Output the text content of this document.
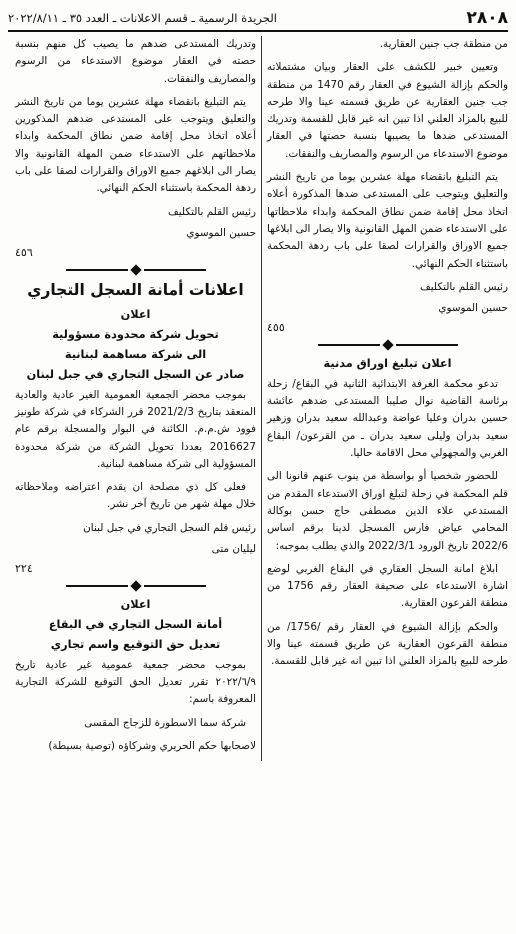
٢٨٠٨
الجريدة الرسمية ـ قسم الاعلانات ـ العدد ٣٥ ـ ٢٠٢٢/٨/١١

من منطقة جب جنين العقارية.

وتعيين خبير للكشف على العقار وبيان مشتملاته والحكم بإزالة الشيوع في العقار رقم 1470 من منطقة جب جنين العقارية عن طريق قسمته عينا والا طرحه للبيع بالمزاد العلني اذا تبين انه غير قابل للقسمة وتدريك المستدعى ضدها ما يصيبها بنسبة حصتها في العقار موضوع الاستدعاء من الرسوم والمصاريف والنفقات.

يتم التبليغ بانقضاء مهلة عشرين يوما من تاريخ النشر والتعليق ويتوجب على المستدعى ضدها المذكورة أعلاه اتخاذ محل إقامة ضمن نطاق المحكمة وابداء ملاحظاتها على الاستدعاء ضمن المهل القانونية والا يصار الى ابلاغها جميع الاوراق والقرارات لصقا على باب ردهة المحكمة باستثناء الحكم النهائي.

رئيس القلم بالتكليف
حسين الموسوي
٤٥٥
اعلان تبليغ اوراق مدنية

تدعو محكمة الغرفة الابتدائية الثانية في البقاع/ زحلة برئاسة القاضية نوال صليبا المستدعى ضدهم عائشة حسين بدران وعليا عواضة وعبدالله سعيد بدران وزهير سعيد بدران وليلى سعيد بدران ـ من القرعون/ البقاع الغربي والمجهولي محل الاقامة حاليا.

للحضور شخصيا أو بواسطة من ينوب عنهم قانونا الى قلم المحكمة في زحلة لتبلغ اوراق الاستدعاء المقدم من المستدعي علاء الدين مصطفى حاج حسن بوكالة المحامي عياض فارس المسجل لدينا برقم اساس 2022/6 تاريخ الورود 2022/3/1 والذي يطلب بموجبه:

ابلاغ امانة السجل العقاري في البقاع الغربي لوضع اشارة الاستدعاء على صحيفة العقار رقم 1756 من منطقة القرعون العقارية.

والحكم بإزالة الشيوع في العقار رقم /1756/ من منطقة القرعون العقارية عن طريق قسمته عينا والا طرحه للبيع بالمزاد العلني اذا تبين انه غير قابل للقسمة.

وتدريك المستدعى ضدهم ما يصيب كل منهم بنسبة حصته في العقار موضوع الاستدعاء من الرسوم والمصاريف والنفقات.

يتم التبليغ بانقضاء مهلة عشرين يوما من تاريخ النشر والتعليق ويتوجب على المستدعى ضدهم المذكورين أعلاه اتخاذ محل إقامة ضمن نطاق المحكمة وابداء ملاحظاتهم على الاستدعاء ضمن المهلة القانونية والا يصار الى ابلاغهم جميع الاوراق والقرارات لصقا على باب ردهة المحكمة باستثناء الحكم النهائي.

رئيس القلم بالتكليف
حسين الموسوي
٤٥٦
اعلانات أمانة السجل التجاري
اعلان
تحويل شركة محدودة مسؤولية
الى شركة مساهمة لبنانية
صادر عن السجل التجاري في جبل لبنان

بموجب محضر الجمعية العمومية الغير عادية والعادية المنعقد بتاريخ 2021/2/3 قرر الشركاء في شركة طونيز فوود ش.م.م. الكائنة في البوار والمسجلة برقم عام 2016627 بعددا تحويل الشركة من شركة محدودة المسؤولية الى شركة مساهمة لبنانية.

فعلى كل ذي مصلحة ان يقدم اعتراضه وملاحظاته خلال مهلة شهر من تاريخ آخر نشر.

رئيس قلم السجل التجاري في جبل لبنان
ليليان متى
٢٢٤
اعلان
أمانة السجل التجاري في البقاع
تعديل حق التوقيع واسم تجاري

بموجب محضر جمعية عمومية غير عادية تاريخ ٢٠٢٢/٦/٩ تقرر تعديل الحق التوقيع للشركة التجارية المعروفة باسم:

شركة سما الاسطورة للزجاج المقسى

لاصحابها حكم الحريري وشركاؤه (توصية بسيطة)
